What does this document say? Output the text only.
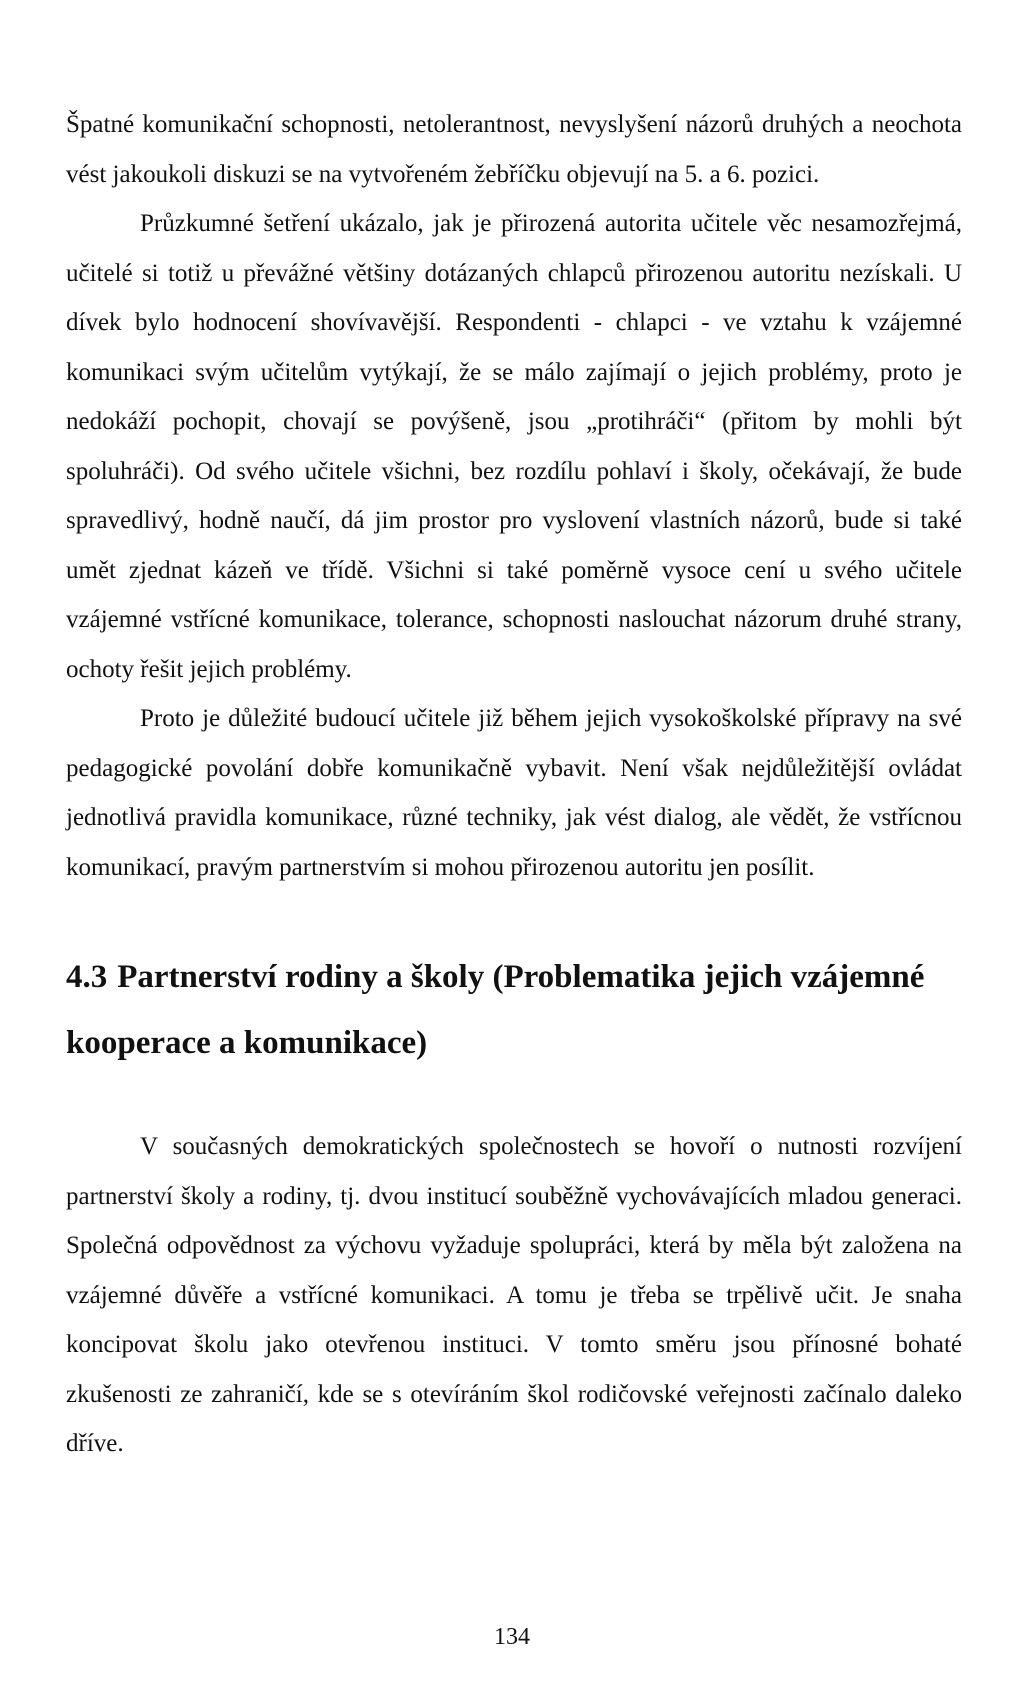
Špatné komunikační schopnosti, netolerantnost, nevyslyšení názorů druhých a neochota vést jakoukoli diskuzi se na vytvořeném žebříčku objevují na 5. a 6. pozici.

Průzkumné šetření ukázalo, jak je přirozená autorita učitele věc nesamozřejmá, učitelé si totiž u převážné většiny dotázaných chlapců přirozenou autoritu nezískali. U dívek bylo hodnocení shovívavější. Respondenti - chlapci - ve vztahu k vzájemné komunikaci svým učitelům vytýkají, že se málo zajímají o jejich problémy, proto je nedokáží pochopit, chovají se povýšeně, jsou „protihráči“ (přitom by mohli být spoluhráči). Od svého učitele všichni, bez rozdílu pohlaví i školy, očekávají, že bude spravedlivý, hodně naučí, dá jim prostor pro vyslovení vlastních názorů, bude si také umět zjednat kázeň ve třídě. Všichni si také poměrně vysoce cení u svého učitele vzájemné vstřícné komunikace, tolerance, schopnosti naslouchat názorum druhé strany, ochoty řešit jejich problémy.

Proto je důležité budoucí učitele již během jejich vysokoškolské přípravy na své pedagogické povolání dobře komunikačně vybavit. Není však nejdůležitější ovládat jednotlivá pravidla komunikace, různé techniky, jak vést dialog, ale vědět, že vstřícnou komunikací, pravým partnerstvím si mohou přirozenou autoritu jen posílit.

4.3 Partnerství rodiny a školy (Problematika jejich vzájemné kooperace a komunikace)

V současných demokratických společnostech se hovoří o nutnosti rozvíjení partnerství školy a rodiny, tj. dvou institucí souběžně vychovávajících mladou generaci. Společná odpovědnost za výchovu vyžaduje spolupráci, která by měla být založena na vzájemné důvěře a vstřícné komunikaci. A tomu je třeba se trpělivě učit. Je snaha koncipovat školu jako otevřenou instituci. V tomto směru jsou přínosné bohaté zkušenosti ze zahraničí, kde se s otevíráním škol rodičovské veřejnosti začínalo daleko dříve.

134
